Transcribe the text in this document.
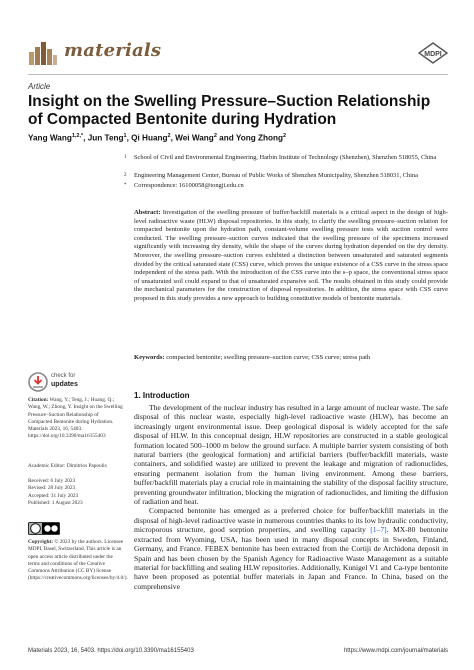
materials	MDPI
Article
Insight on the Swelling Pressure–Suction Relationship of Compacted Bentonite during Hydration
Yang Wang$^{1,2,*}$, Jun Teng$^1$, Qi Huang$^2$, Wei Wang$^2$ and Yong Zhong$^2$
1 School of Civil and Environmental Engineering, Harbin Institute of Technology (Shenzhen), Shenzhen 518055, China
2 Engineering Management Center, Bureau of Public Works of Shenzhen Municipality, Shenzhen 518031, China
* Correspondence: 16100058@tongji.edu.cn
Abstract: Investigation of the swelling pressure of buffer/backfill materials is a critical aspect in the design of high-level radioactive waste (HLW) disposal repositories. In this study, to clarify the swelling pressure–suction relation for compacted bentonite upon the hydration path, constant-volume swelling pressure tests with suction control were conducted. The swelling pressure–suction curves indicated that the swelling pressure of the specimens increased significantly with increasing dry density, while the shape of the curves during hydration depended on the dry density. Moreover, the swelling pressure–suction curves exhibited a distinction between unsaturated and saturated segments divided by the critical saturated state (CSS) curve, which proves the unique existence of a CSS curve in the stress space independent of the stress path. With the introduction of the CSS curve into the s–p space, the conventional stress space of unsaturated soil could expand to that of unsaturated expansive soil. The results obtained in this study could provide the mechanical parameters for the construction of disposal repositories. In addition, the stress space with CSS curve proposed in this study provides a new approach to building constitutive models of bentonite materials.
Keywords: compacted bentonite; swelling pressure–suction curve; CSS curve; stress path
check for
updates
Citation: Wang, Y.; Teng, J.; Huang, Q.; Wang, W.; Zhong, Y. Insight on the Swelling Pressure–Suction Relationship of Compacted Bentonite during Hydration. Materials 2023, 16, 5403. https://doi.org/10.3390/ma16155403
Academic Editor: Dimitrios Papoulis
Received: 6 July 2023
Revised: 28 July 2023
Accepted: 31 July 2023
Published: 1 August 2023
Copyright: © 2023 by the authors. Licensee MDPI, Basel, Switzerland. This article is an open access article distributed under the terms and conditions of the Creative Commons Attribution (CC BY) license (https://creativecommons.org/licenses/by/4.0/).
1. Introduction

The development of the nuclear industry has resulted in a large amount of nuclear waste. The safe disposal of this nuclear waste, especially high-level radioactive waste (HLW), has become an increasingly urgent environmental issue. Deep geological disposal is widely accepted for the safe disposal of HLW. In this conceptual design, HLW repositories are constructed in a stable geological formation located 500–1000 m below the ground surface. A multiple barrier system consisting of both natural barriers (the geological formation) and artificial barriers (buffer/backfill materials, waste containers, and solidified waste) are utilized to prevent the leakage and migration of radionuclides, ensuring permanent isolation from the human living environment. Among these barriers, buffer/backfill materials play a crucial role in maintaining the stability of the disposal facility structure, preventing groundwater infiltration, blocking the migration of radionuclides, and limiting the diffusion of radiation and heat.

Compacted bentonite has emerged as a preferred choice for buffer/backfill materials in the disposal of high-level radioactive waste in numerous countries thanks to its low hydraulic conductivity, microporous structure, good sorption properties, and swelling capacity [1–7]. MX-80 bentonite extracted from Wyoming, USA, has been used in many disposal concepts in Sweden, Finland, Germany, and France. FEBEX bentonite has been extracted from the Cortiji de Archidona deposit in Spain and has been chosen by the Spanish Agency for Radioactive Waste Management as a suitable material for backfilling and sealing HLW repositories. Additionally, Kunigel V1 and Ca-type bentonite have been proposed as potential buffer materials in Japan and France. In China, based on the comprehensive

Materials 2023, 16, 5403. https://doi.org/10.3390/ma16155403	https://www.mdpi.com/journal/materials
